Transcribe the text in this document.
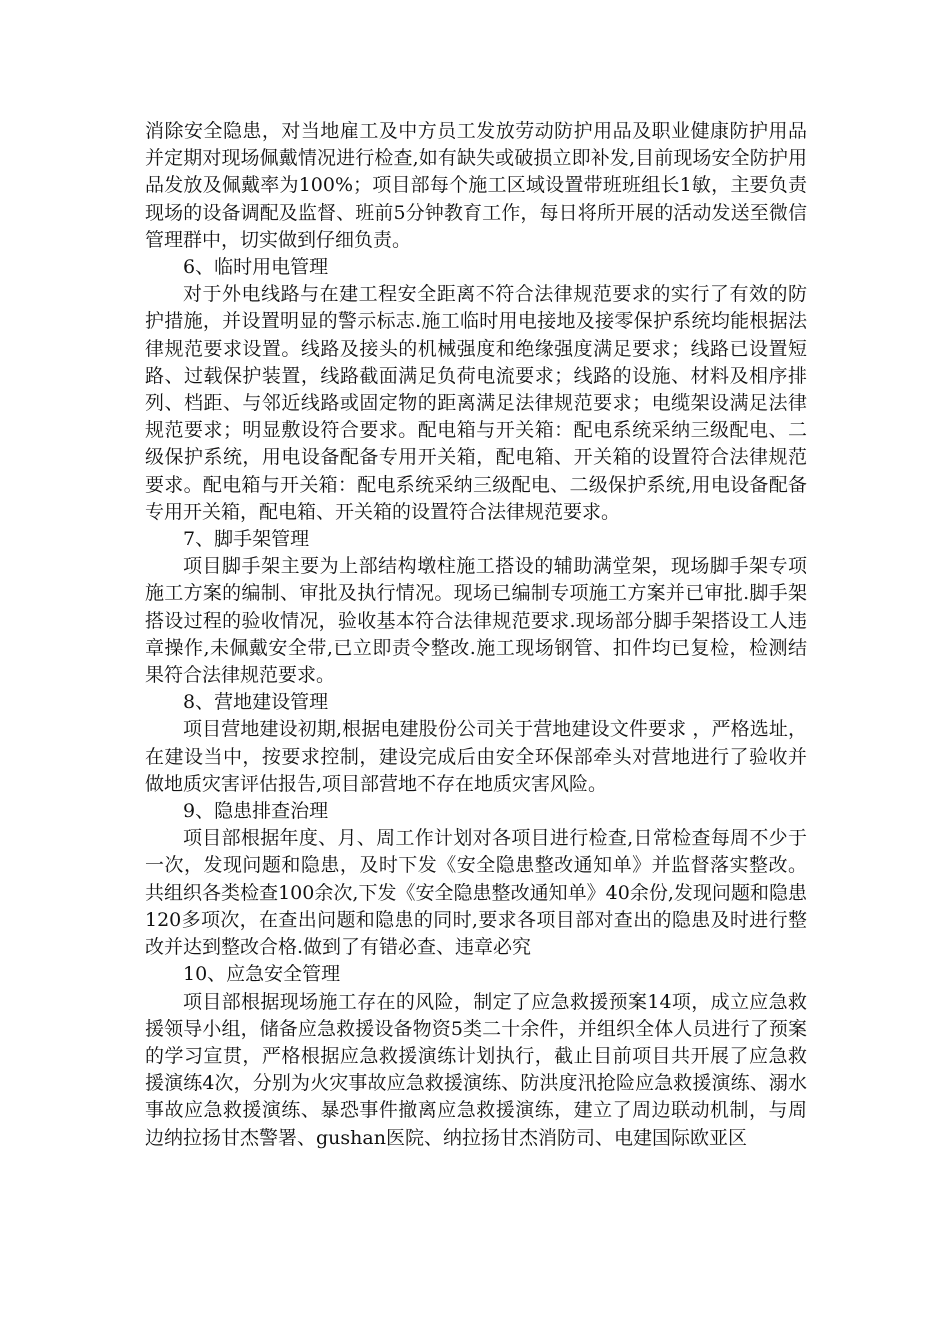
消除安全隐患，对当地雇工及中方员工发放劳动防护用品及职业健康防护用品并定期对现场佩戴情况进行检查,如有缺失或破损立即补发,目前现场安全防护用品发放及佩戴率为100%；项目部每个施工区域设置带班班组长1敏，主要负责现场的设备调配及监督、班前5分钟教育工作，每日将所开展的活动发送至微信管理群中，切实做到仔细负责。

6、临时用电管理

对于外电线路与在建工程安全距离不符合法律规范要求的实行了有效的防护措施，并设置明显的警示标志.施工临时用电接地及接零保护系统均能根据法律规范要求设置。线路及接头的机械强度和绝缘强度满足要求；线路已设置短路、过载保护装置，线路截面满足负荷电流要求；线路的设施、材料及相序排列、档距、与邻近线路或固定物的距离满足法律规范要求；电缆架设满足法律规范要求；明显敷设符合要求。配电箱与开关箱：配电系统采纳三级配电、二级保护系统，用电设备配备专用开关箱，配电箱、开关箱的设置符合法律规范要求。配电箱与开关箱：配电系统采纳三级配电、二级保护系统,用电设备配备专用开关箱，配电箱、开关箱的设置符合法律规范要求。

7、脚手架管理

项目脚手架主要为上部结构墩柱施工搭设的辅助满堂架，现场脚手架专项施工方案的编制、审批及执行情况。现场已编制专项施工方案并已审批.脚手架搭设过程的验收情况，验收基本符合法律规范要求.现场部分脚手架搭设工人违章操作,未佩戴安全带,已立即责令整改.施工现场钢管、扣件均已复检，检测结果符合法律规范要求。

8、营地建设管理

项目营地建设初期,根据电建股份公司关于营地建设文件要求 ，严格选址，在建设当中，按要求控制，建设完成后由安全环保部牵头对营地进行了验收并做地质灾害评估报告,项目部营地不存在地质灾害风险。

9、隐患排查治理

项目部根据年度、月、周工作计划对各项目进行检查,日常检查每周不少于一次，发现问题和隐患，及时下发《安全隐患整改通知单》并监督落实整改。共组织各类检查100余次,下发《安全隐患整改通知单》40余份,发现问题和隐患120多项次，在查出问题和隐患的同时,要求各项目部对查出的隐患及时进行整改并达到整改合格.做到了有错必查、违章必究

10、应急安全管理

项目部根据现场施工存在的风险，制定了应急救援预案14项，成立应急救援领导小组，储备应急救援设备物资5类二十余件，并组织全体人员进行了预案的学习宣贯，严格根据应急救援演练计划执行，截止目前项目共开展了应急救援演练4次，分别为火灾事故应急救援演练、防洪度汛抢险应急救援演练、溺水事故应急救援演练、暴恐事件撤离应急救援演练，建立了周边联动机制，与周边纳拉扬甘杰警署、gushan医院、纳拉扬甘杰消防司、电建国际欧亚区
